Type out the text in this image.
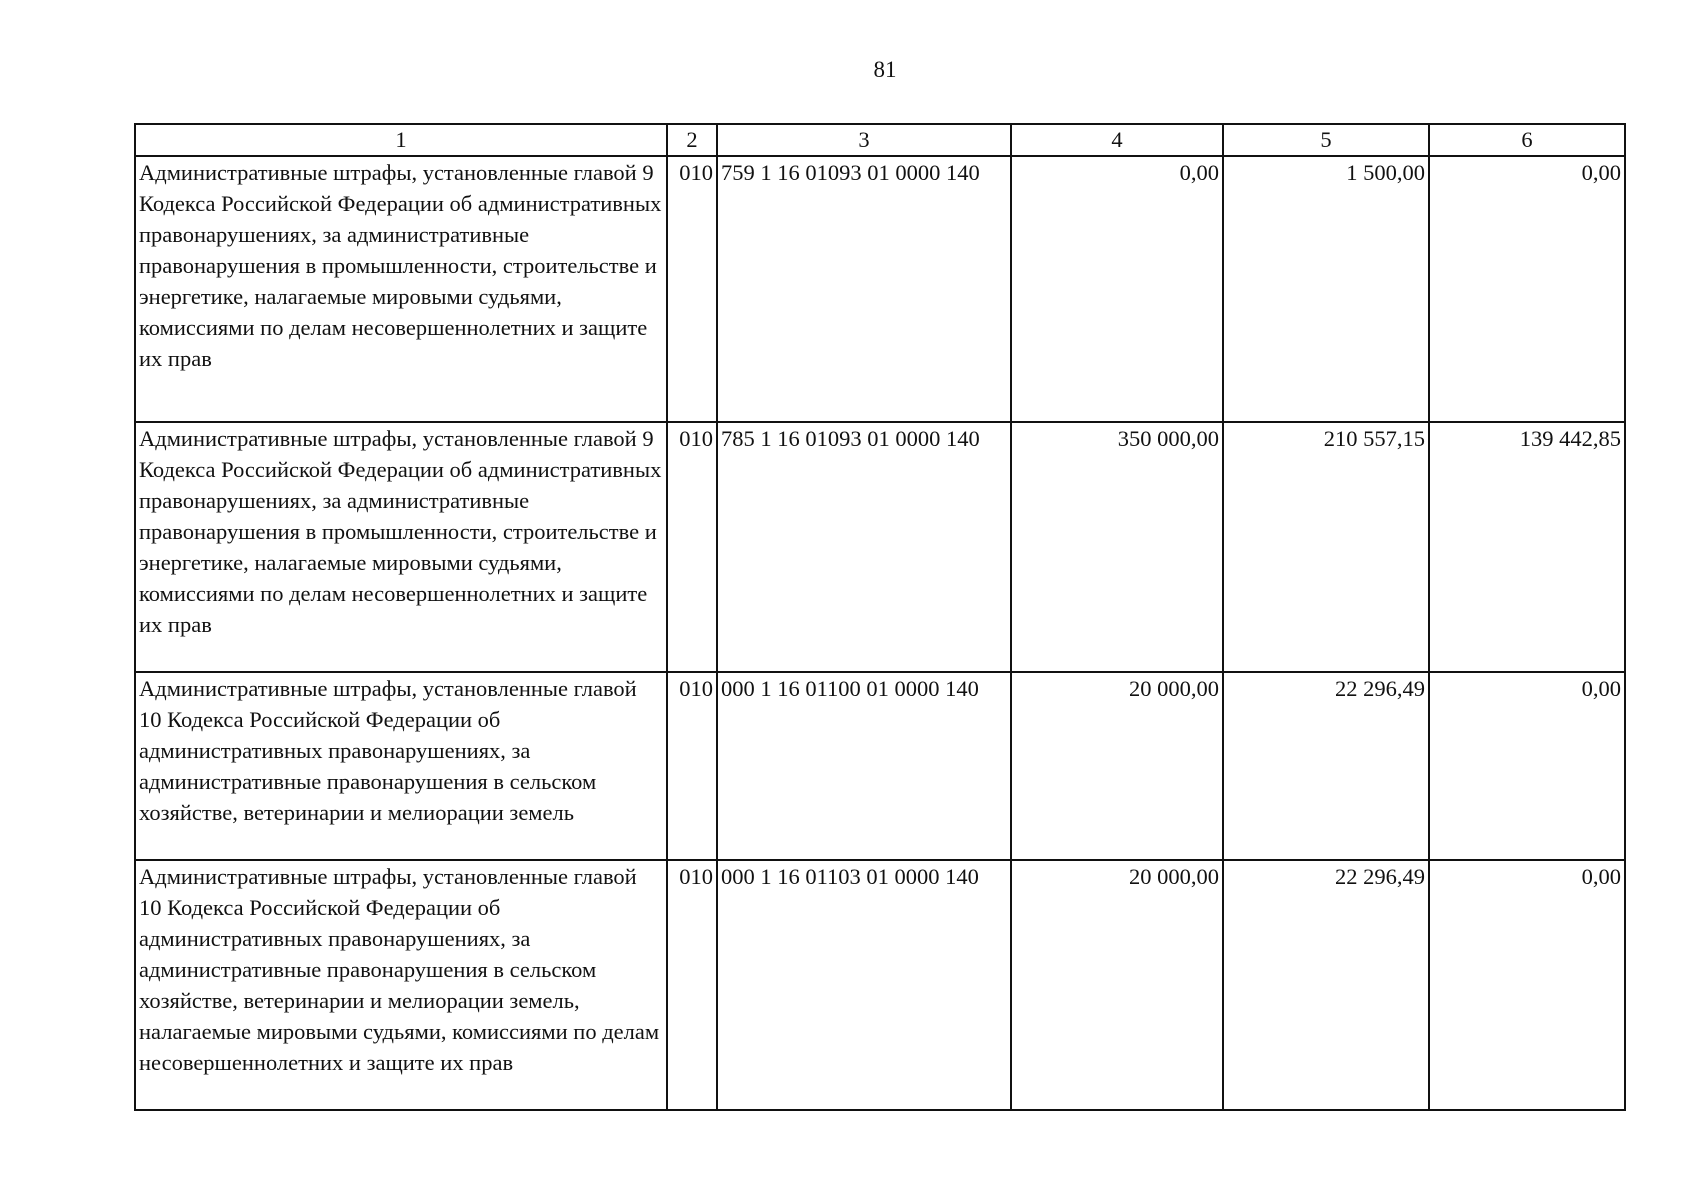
81
1	2	3	4	5	6
Административные штрафы, установленные главой 9 Кодекса Российской Федерации об административных правонарушениях, за административные правонарушения в промышленности, строительстве и энергетике, налагаемые мировыми судьями, комиссиями по делам несовершеннолетних и защите их прав	010	759 1 16 01093 01 0000 140	0,00	1 500,00	0,00
Административные штрафы, установленные главой 9 Кодекса Российской Федерации об административных правонарушениях, за административные правонарушения в промышленности, строительстве и энергетике, налагаемые мировыми судьями, комиссиями по делам несовершеннолетних и защите их прав	010	785 1 16 01093 01 0000 140	350 000,00	210 557,15	139 442,85
Административные штрафы, установленные главой 10 Кодекса Российской Федерации об административных правонарушениях, за административные правонарушения в сельском хозяйстве, ветеринарии и мелиорации земель	010	000 1 16 01100 01 0000 140	20 000,00	22 296,49	0,00
Административные штрафы, установленные главой 10 Кодекса Российской Федерации об административных правонарушениях, за административные правонарушения в сельском хозяйстве, ветеринарии и мелиорации земель, налагаемые мировыми судьями, комиссиями по делам несовершеннолетних и защите их прав	010	000 1 16 01103 01 0000 140	20 000,00	22 296,49	0,00
